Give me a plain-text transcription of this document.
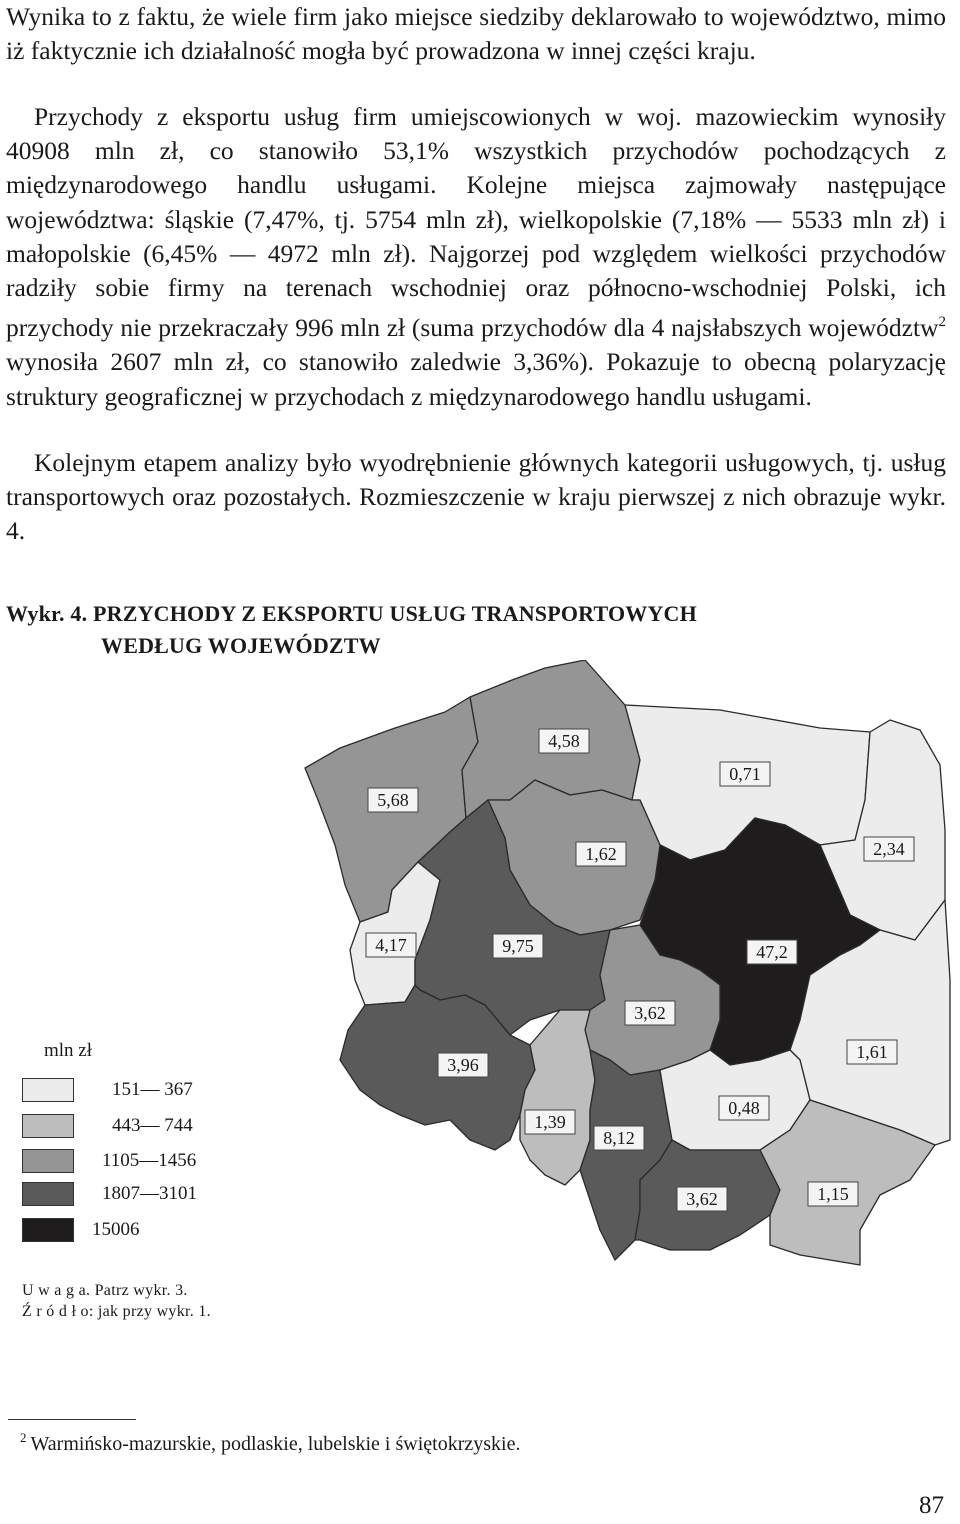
Wynika to z faktu, że wiele firm jako miejsce siedziby deklarowało to województwo, mimo iż faktycznie ich działalność mogła być prowadzona w innej części kraju.

Przychody z eksportu usług firm umiejscowionych w woj. mazowieckim wynosiły 40908 mln zł, co stanowiło 53,1% wszystkich przychodów pochodzących z międzynarodowego handlu usługami. Kolejne miejsca zajmowały następujące województwa: śląskie (7,47%, tj. 5754 mln zł), wielkopolskie (7,18% — 5533 mln zł) i małopolskie (6,45% — 4972 mln zł). Najgorzej pod względem wielkości przychodów radziły sobie firmy na terenach wschodniej oraz północno-wschodniej Polski, ich przychody nie przekraczały 996 mln zł (suma przychodów dla 4 najsłabszych województw$^2$ wynosiła 2607 mln zł, co stanowiło zaledwie 3,36%). Pokazuje to obecną polaryzację struktury geograficznej w przychodach z międzynarodowego handlu usługami.

Kolejnym etapem analizy było wyodrębnienie głównych kategorii usługowych, tj. usług transportowych oraz pozostałych. Rozmieszczenie w kraju pierwszej z nich obrazuje wykr. 4.

Wykr. 4. PRZYCHODY Z EKSPORTU USŁUG TRANSPORTOWYCH
WEDŁUG WOJEWÓDZTW
5,68
4,58
0,71
2,34
1,62
4,17	9,75	47,2
3,62
3,96
1,61
1,39
8,12
0,48
3,62	1,15
mln zł
151— 367
443— 744
1105—1456
1807—3101
15006
U w a g a. Patrz wykr. 3.
Ź r ó d ł o: jak przy wykr. 1.
$^2$ Warmińsko-mazurskie, podlaskie, lubelskie i świętokrzyskie.
87
